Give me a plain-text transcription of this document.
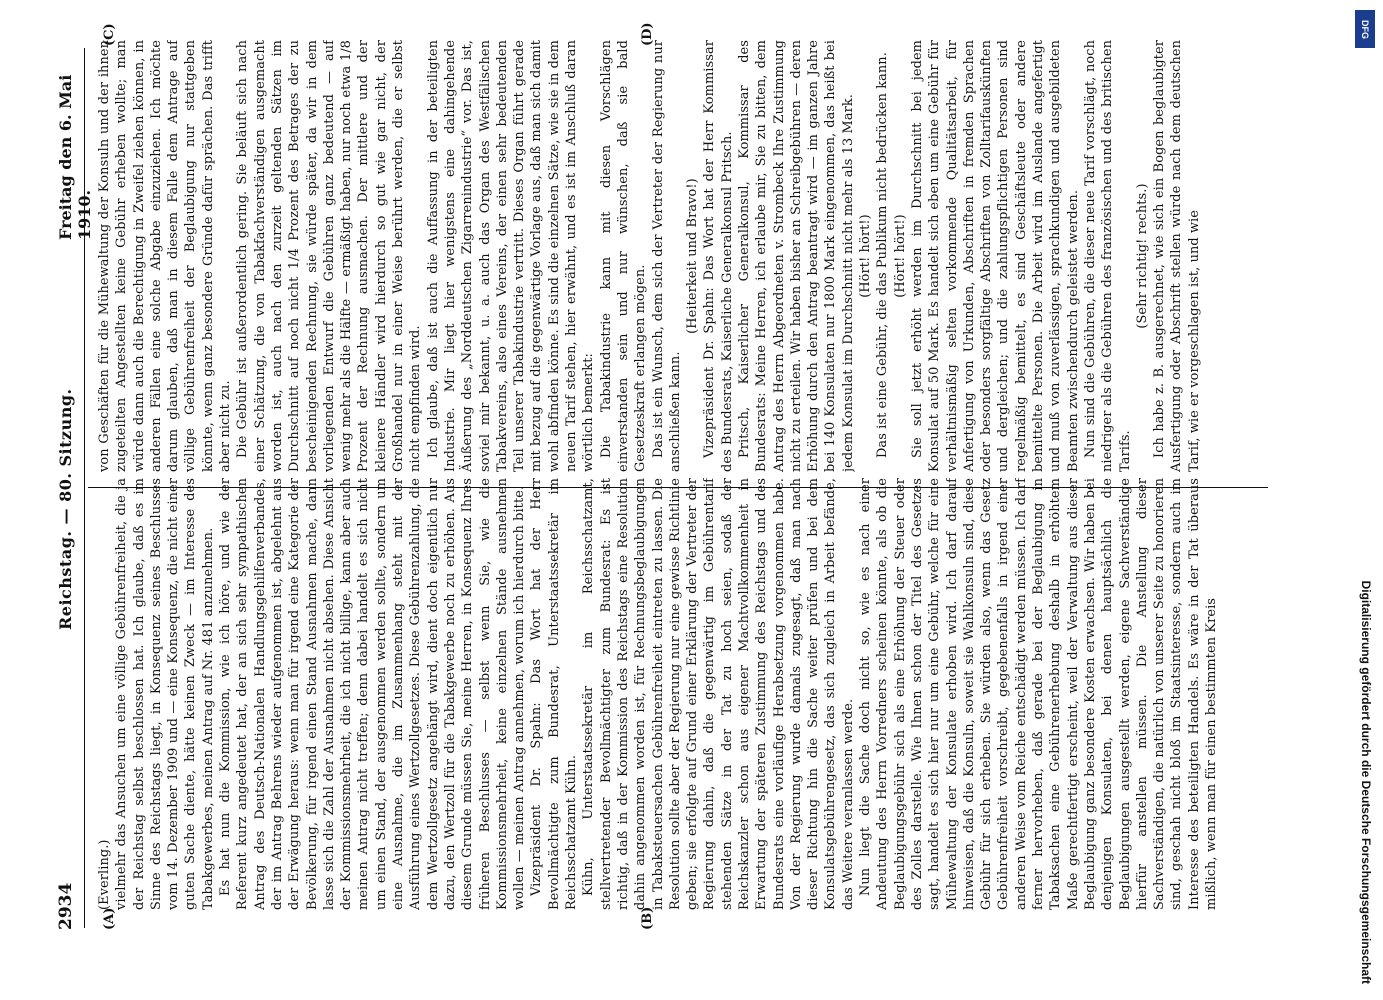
2934
Reichstag. — 80. Sitzung.
Freitag den 6. Mai 1910.
(A)	(B)
(C)	(D)

(Everling.) vielmehr das Ansuchen um eine völlige Gebührenfreiheit, die ja der Reichstag selbst beschlossen hat. Ich glaube, daß es im Sinne des Reichstags liegt, in Konsequenz seines Beschlusses vom 14. Dezember 1909 und — eine Konsequenz, die nicht einer guten Sache diente, hätte keinen Zweck — im Interesse des Tabakgewerbes, meinen Antrag auf Nr. 481 anzunehmen. Es hat nun die Kommission, wie ich höre, und wie der Referent kurz angedeutet hat, der an sich sehr sympathischen Antrag des Deutsch-Nationalen Handlungsgehilfenverbandes, der im Antrag Behrens wieder aufgenommen ist, abgelehnt aus der Erwägung heraus: wenn man für irgend eine Kategorie der Bevölkerung, für irgend einen Stand Ausnahmen mache, dann lasse sich die Zahl der Ausnahmen nicht absehen. Diese Ansicht der Kommissionsmehrheit, die ich nicht billige, kann aber auch meinen Antrag nicht treffen; denn dabei handelt es sich nicht um einen Stand, der ausgenommen werden sollte, sondern um eine Ausnahme, die im Zusammenhang steht mit der Ausführung eines Wertzollgesetzes. Diese Gebührenzahlung, die dem Wertzollgesetz angehängt wird, dient doch eigentlich nur dazu, den Wertzoll für die Tabakgewerbe noch zu erhöhen. Aus diesem Grunde müssen Sie, meine Herren, in Konsequenz Ihres früheren Beschlusses — selbst wenn Sie, wie die Kommissionsmehrheit, keine einzelnen Stände ausnehmen wollen — meinen Antrag annehmen, worum ich hierdurch bitte. Vizepräsident Dr. Spahn: Das Wort hat der Herr Bevollmächtigte zum Bundesrat, Unterstaatssekretär im Reichsschatzamt Kühn. Kühn, Unterstaatssekretär im Reichsschatzamt, stellvertretender Bevollmächtigter zum Bundesrat: Es ist richtig, daß in der Kommission des Reichstags eine Resolution dahin angenommen worden ist, für Rechnungsbeglaubigungen in Tabaksteuersachen Gebührenfreiheit eintreten zu lassen. Die Resolution sollte aber der Regierung nur eine gewisse Richtlinie geben; sie erfolgte auf Grund einer Erklärung der Vertreter der Regierung dahin, daß die gegenwärtig im Gebührentarif stehenden Sätze in der Tat zu hoch seien, sodaß der Reichskanzler schon aus eigener Machtvollkommenheit in Erwartung der späteren Zustimmung des Reichstags und des Bundesrats eine vorläufige Herabsetzung vorgenommen habe. Von der Regierung wurde damals zugesagt, daß man nach dieser Richtung hin die Sache weiter prüfen und bei dem Konsulatsgebührengesetz, das sich zugleich in Arbeit befände, das Weitere veranlassen werde. Nun liegt die Sache doch nicht so, wie es nach einer Andeutung des Herrn Vorredners scheinen könnte, als ob die Beglaubigungsgebühr sich als eine Erhöhung der Steuer oder des Zolles darstelle. Wie Ihnen schon der Titel des Gesetzes sagt, handelt es sich hier nur um eine Gebühr, welche für eine Mühewaltung der Konsulate erhoben wird. Ich darf darauf hinweisen, daß die Konsuln, soweit sie Wahlkonsuln sind, diese Gebühr für sich erheben. Sie würden also, wenn das Gesetz Gebührenfreiheit vorschreibt, gegebenenfalls in irgend einer anderen Weise vom Reiche entschädigt werden müssen. Ich darf ferner hervorheben, daß gerade bei der Beglaubigung in Tabaksachen eine Gebührenerhebung deshalb in erhöhtem Maße gerechtfertigt erscheint, weil der Verwaltung aus dieser Beglaubigung ganz besondere Kosten erwachsen. Wir haben bei denjenigen Konsulaten, bei denen hauptsächlich die Beglaubigungen ausgestellt werden, eigene Sachverständige hierfür anstellen müssen. Die Anstellung dieser Sachverständigen, die natürlich von unserer Seite zu honorieren sind, geschah nicht bloß im Staatsinteresse, sondern auch im Interesse des beteiligten Handels. Es wäre in der Tat überaus mißlich, wenn man für einen bestimmten Kreis

von Geschäften für die Mühewaltung der Konsuln und der ihnen zugeteilten Angestellten keine Gebühr erheben wollte; man würde dann auch die Berechtigung in Zweifel ziehen können, in anderen Fällen eine solche Abgabe einzuziehen. Ich möchte darum glauben, daß man in diesem Falle dem Antrage auf völlige Gebührenfreiheit der Beglaubigung nur stattgeben könnte, wenn ganz besondere Gründe dafür sprächen. Das trifft aber nicht zu. Die Gebühr ist außerordentlich gering. Sie beläuft sich nach einer Schätzung, die von Tabakfachverständigen ausgemacht worden ist, auch nach den zurzeit geltenden Sätzen im Durchschnitt auf noch nicht 1/4 Prozent des Betrages der zu bescheinigenden Rechnung, sie würde später, da wir in dem vorliegenden Entwurf die Gebühren ganz bedeutend — auf wenig mehr als die Hälfte — ermäßigt haben, nur noch etwa 1/8 Prozent der Rechnung ausmachen. Der mittlere und der kleinere Händler wird hierdurch so gut wie gar nicht, der Großhandel nur in einer Weise berührt werden, die er selbst nicht empfinden wird. Ich glaube, daß ist auch die Auffassung in der beteiligten Industrie. Mir liegt hier wenigstens eine dahingehende Äußerung des „Norddeutschen Zigarrenindustrie“ vor. Das ist, soviel mir bekannt, u. a. auch das Organ des Westfälischen Tabakvereins, also eines Vereins, der einen sehr bedeutenden Teil unserer Tabakindustrie vertritt. Dieses Organ führt gerade mit bezug auf die gegenwärtige Vorlage aus, daß man sich damit wohl abfinden könne. Es sind die einzelnen Sätze, wie sie in dem neuen Tarif stehen, hier erwähnt, und es ist im Anschluß daran wörtlich bemerkt: Die Tabakindustrie kann mit diesen Vorschlägen einverstanden sein und nur wünschen, daß sie bald Gesetzeskraft erlangen mögen. Das ist ein Wunsch, dem sich der Vertreter der Regierung nur anschließen kann.

(Heiterkeit und Bravo!) Vizepräsident Dr. Spahn: Das Wort hat der Herr Kommissar des Bundesrats, Kaiserliche Generalkonsul Pritsch. Pritsch, Kaiserlicher Generalkonsul, Kommissar des Bundesrats: Meine Herren, ich erlaube mir, Sie zu bitten, dem Antrag des Herrn Abgeordneten v. Strombeck Ihre Zustimmung nicht zu erteilen. Wir haben bisher an Schreibgebühren — deren Erhöhung durch den Antrag beantragt wird — im ganzen Jahre bei 140 Konsulaten nur 1800 Mark eingenommen, das heißt bei jedem Konsulat im Durchschnitt nicht mehr als 13 Mark. (Hört! hört!) Das ist eine Gebühr, die das Publikum nicht bedrücken kann. (Hört! hört!) Sie soll jetzt erhöht werden im Durchschnitt bei jedem Konsulat auf 50 Mark. Es handelt sich eben um eine Gebühr für verhältnismäßig selten vorkommende Qualitätsarbeit, für Anfertigung von Urkunden, Abschriften in fremden Sprachen oder besonders sorgfältige Abschriften von Zolltarifauskünften und dergleichen; und die zahlungspflichtigen Personen sind regelmäßig bemittelt, es sind Geschäftsleute oder andere bemittelte Personen. Die Arbeit wird im Auslande angefertigt und muß von zuverlässigen, sprachkundigen und ausgebildeten Beamten zwischendurch geleistet werden. Nun sind die Gebühren, die dieser neue Tarif vorschlägt, noch niedriger als die Gebühren des französischen und des britischen Tarifs.

(Sehr richtig! rechts.) Ich habe z. B. ausgerechnet, wie sich ein Bogen beglaubigter Ausfertigung oder Abschrift stellen würde nach dem deutschen Tarif, wie er vorgeschlagen ist, und wie

Digitalisierung gefördert durch die Deutsche Forschungsgemeinschaft
DFG
